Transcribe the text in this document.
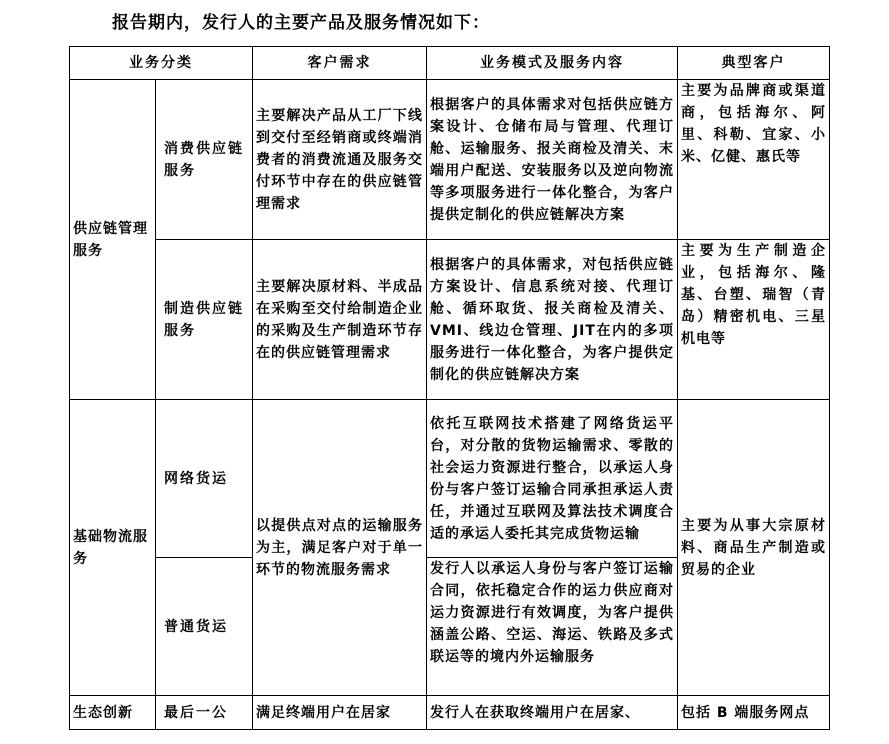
报告期内，发行人的主要产品及服务情况如下：
业务分类		客户需求	业务模式及服务内容	典型客户
供应链管理服务	消费供应链服务	主要解决产品从工厂下线到交付至经销商或终端消费者的消费流通及服务交付环节中存在的供应链管理需求	根据客户的具体需求对包括供应链方案设计、仓储布局与管理、代理订舱、运输服务、报关商检及清关、末端用户配送、安装服务以及逆向物流等多项服务进行一体化整合，为客户提供定制化的供应链解决方案	主要为品牌商或渠道商，包括海尔、阿里、科勒、宜家、小米、亿健、惠氏等
	制造供应链服务	主要解决原材料、半成品在采购至交付给制造企业的采购及生产制造环节存在的供应链管理需求	根据客户的具体需求，对包括供应链方案设计、信息系统对接、代理订舱、循环取货、报关商检及清关、VMI、线边仓管理、JIT在内的多项服务进行一体化整合，为客户提供定制化的供应链解决方案	主要为生产制造企业，包括海尔、隆基、台塑、瑞智（青岛）精密机电、三星机电等
基础物流服务	网络货运	以提供点对点的运输服务为主，满足客户对于单一环节的物流服务需求	依托互联网技术搭建了网络货运平台，对分散的货物运输需求、零散的社会运力资源进行整合，以承运人身份与客户签订运输合同承担承运人责任，并通过互联网及算法技术调度合适的承运人委托其完成货物运输	主要为从事大宗原材料、商品生产制造或贸易的企业
	普通货运		发行人以承运人身份与客户签订运输合同，依托稳定合作的运力供应商对运力资源进行有效调度，为客户提供涵盖公路、空运、海运、铁路及多式联运等的境内外运输服务	
生态创新	最后一公	满足终端用户在居家	发行人在获取终端用户在居家、	包括 B 端服务网点
